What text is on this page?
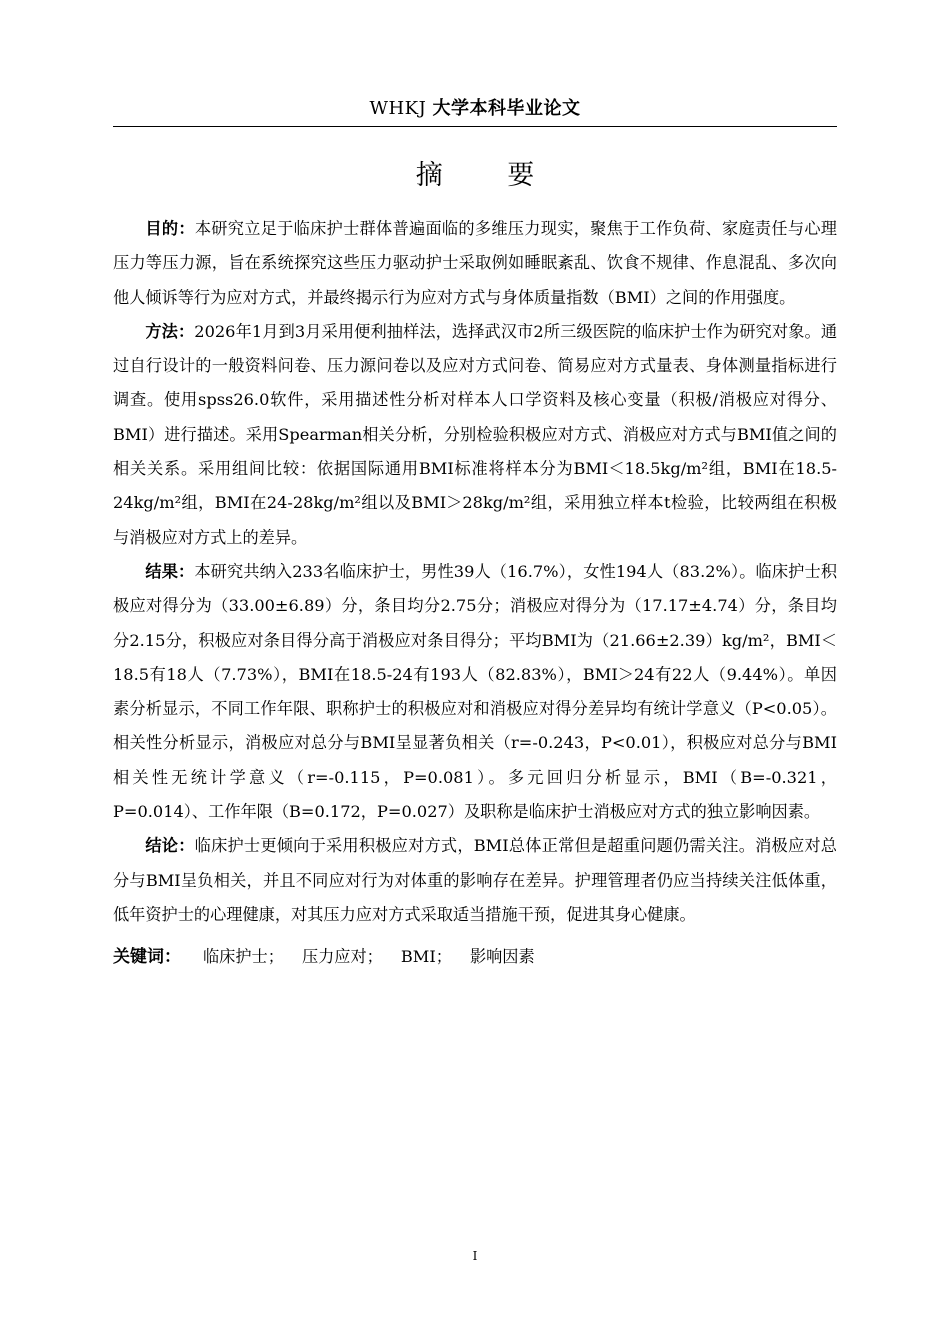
WHKJ 大学本科毕业论文
摘 要

目的：本研究立足于临床护士群体普遍面临的多维压力现实，聚焦于工作负荷、家庭责任与心理压力等压力源，旨在系统探究这些压力驱动护士采取例如睡眠紊乱、饮食不规律、作息混乱、多次向他人倾诉等行为应对方式，并最终揭示行为应对方式与身体质量指数（BMI）之间的作用强度。

方法：2026年1月到3月采用便利抽样法，选择武汉市2所三级医院的临床护士作为研究对象。通过自行设计的一般资料问卷、压力源问卷以及应对方式问卷、简易应对方式量表、身体测量指标进行调查。使用spss26.0软件，采用描述性分析对样本人口学资料及核心变量（积极/消极应对得分、BMI）进行描述。采用Spearman相关分析，分别检验积极应对方式、消极应对方式与BMI值之间的相关关系。采用组间比较：依据国际通用BMI标准将样本分为BMI＜18.5kg/m²组，BMI在18.5-24kg/m²组，BMI在24-28kg/m²组以及BMI＞28kg/m²组，采用独立样本t检验，比较两组在积极与消极应对方式上的差异。

结果：本研究共纳入233名临床护士，男性39人（16.7%），女性194人（83.2%）。临床护士积极应对得分为（33.00±6.89）分，条目均分2.75分；消极应对得分为（17.17±4.74）分，条目均分2.15分，积极应对条目得分高于消极应对条目得分；平均BMI为（21.66±2.39）kg/m²，BMI＜18.5有18人（7.73%），BMI在18.5-24有193人（82.83%），BMI＞24有22人（9.44%）。单因素分析显示，不同工作年限、职称护士的积极应对和消极应对得分差异均有统计学意义（P<0.05）。相关性分析显示，消极应对总分与BMI呈显著负相关（r=-0.243，P<0.01），积极应对总分与BMI相关性无统计学意义（r=-0.115，P=0.081）。多元回归分析显示，BMI（B=-0.321，P=0.014）、工作年限（B=0.172，P=0.027）及职称是临床护士消极应对方式的独立影响因素。

结论：临床护士更倾向于采用积极应对方式，BMI总体正常但是超重问题仍需关注。消极应对总分与BMI呈负相关，并且不同应对行为对体重的影响存在差异。护理管理者仍应当持续关注低体重，低年资护士的心理健康，对其压力应对方式采取适当措施干预，促进其身心健康。

关键词： 临床护士； 压力应对； BMI； 影响因素

I
